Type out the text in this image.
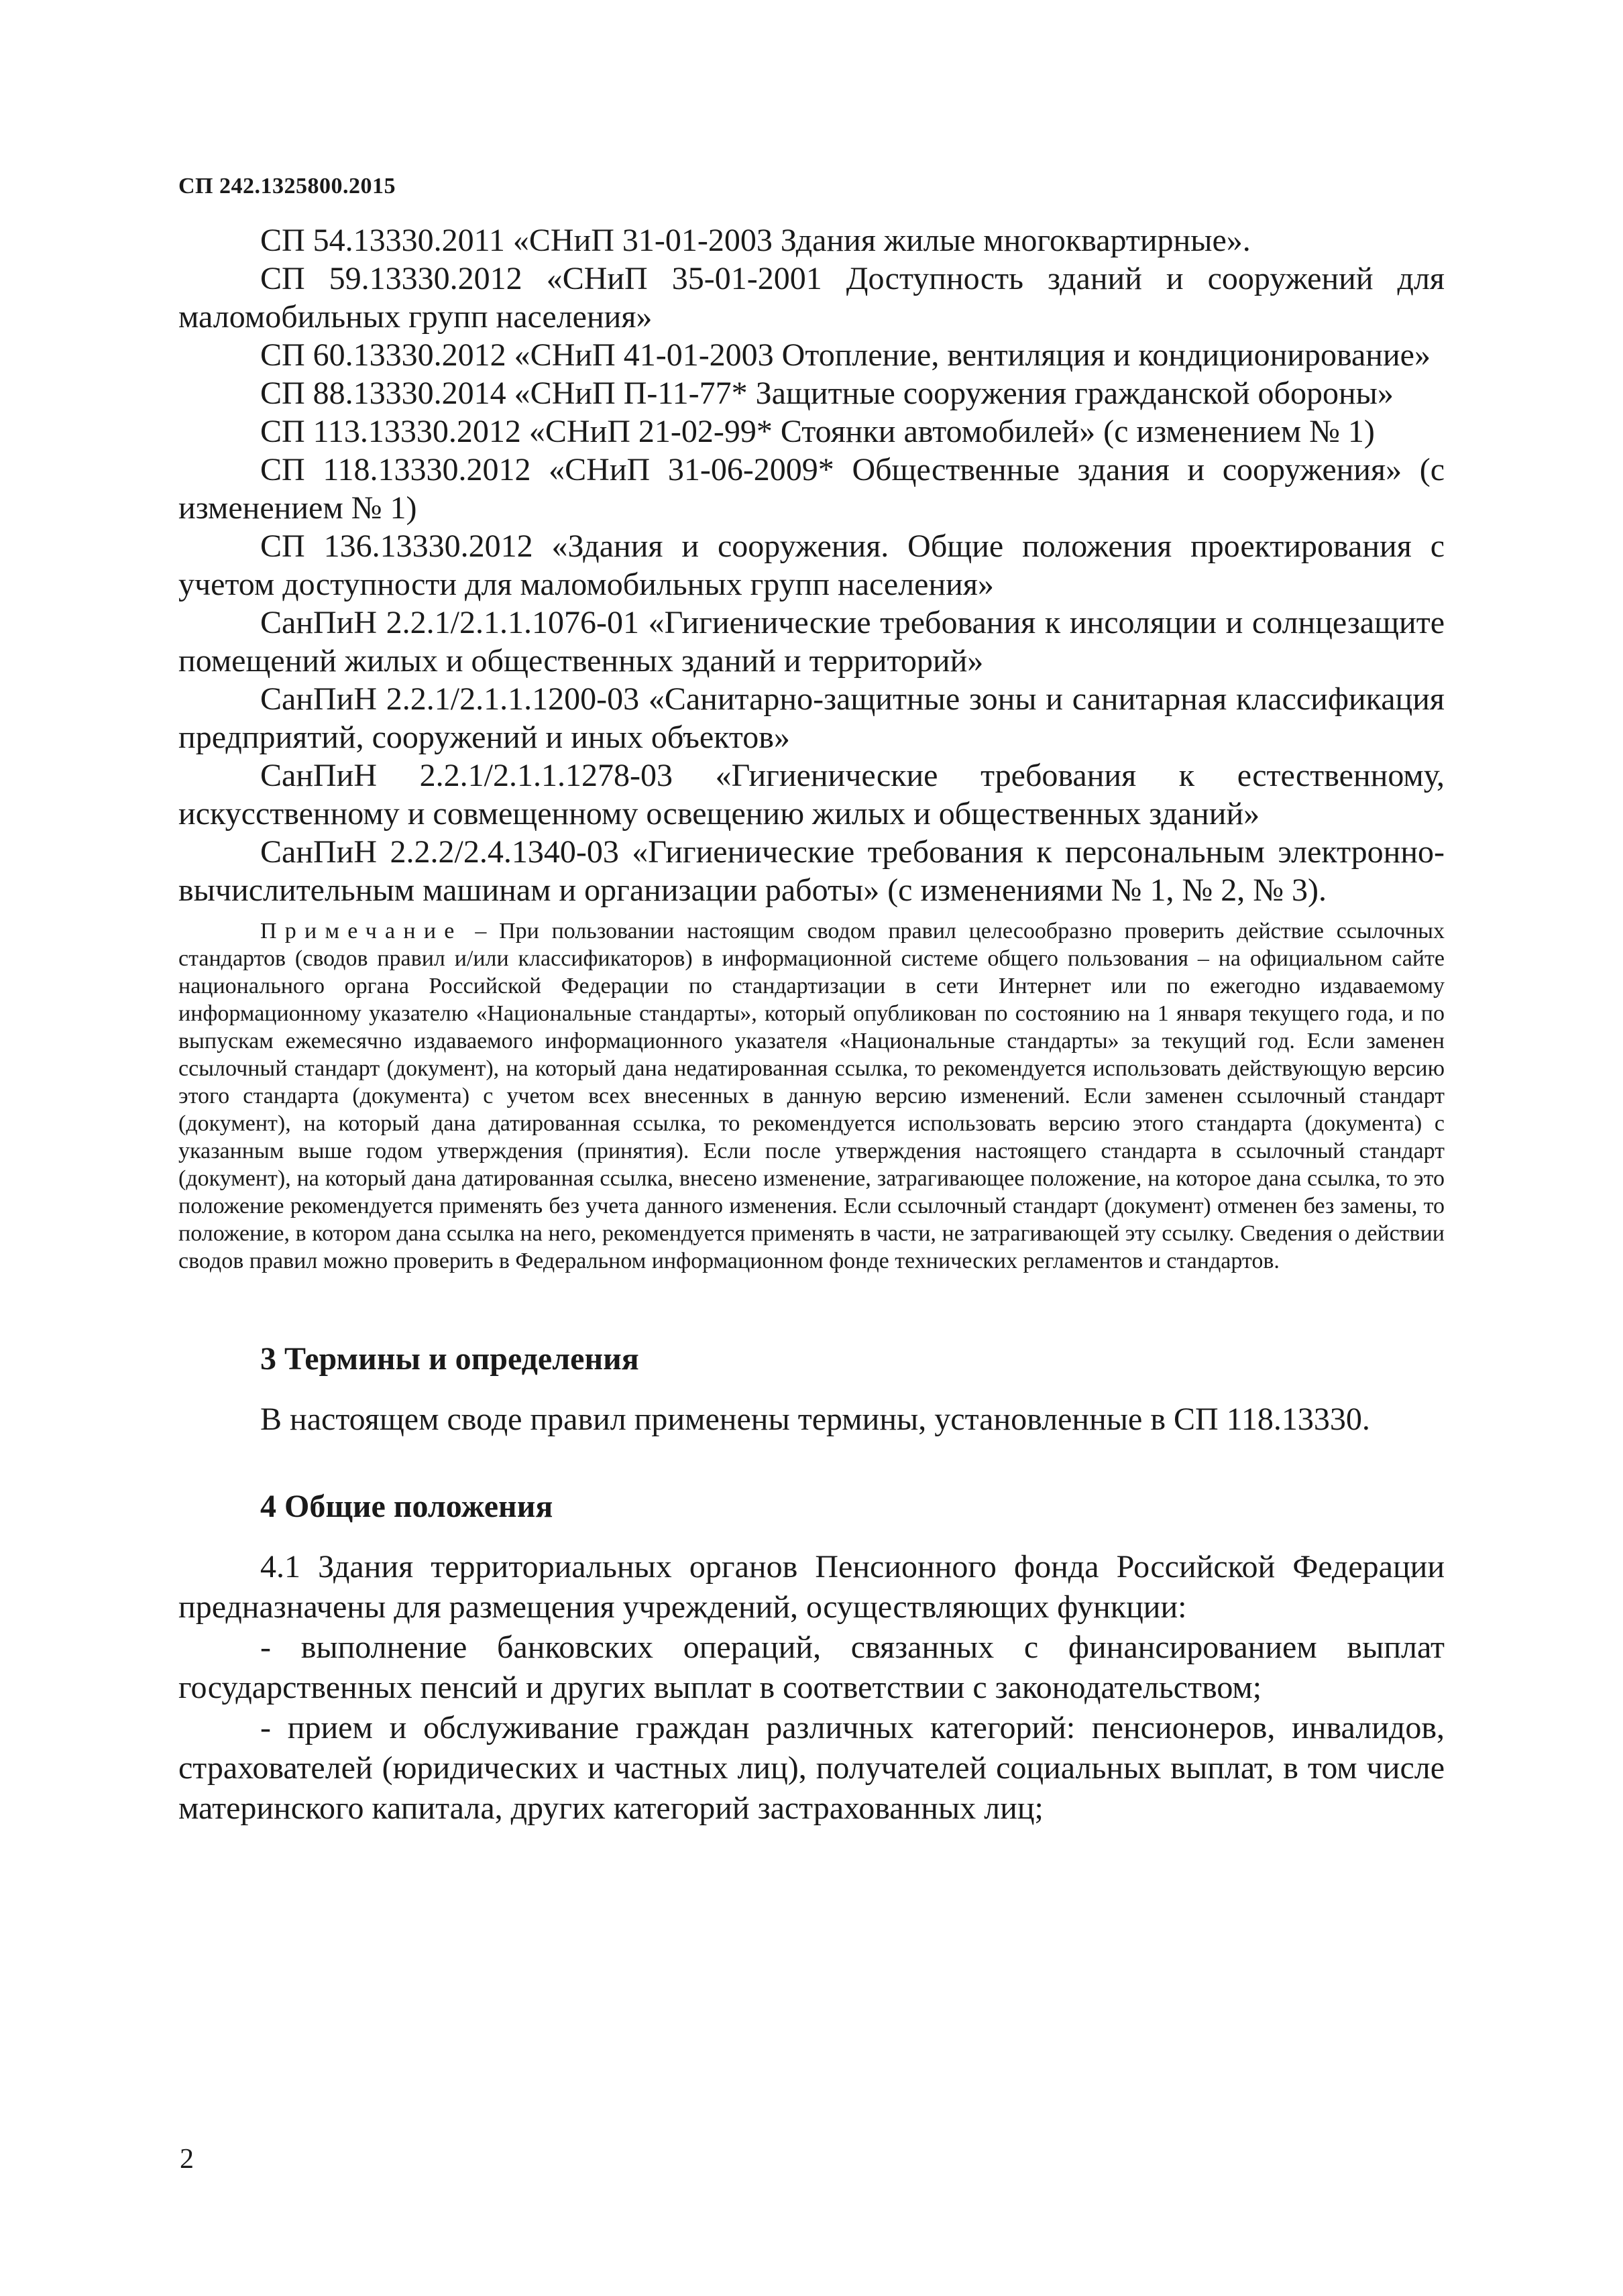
СП 242.1325800.2015

СП 54.13330.2011 «СНиП 31-01-2003 Здания жилые многоквартирные».

СП 59.13330.2012 «СНиП 35-01-2001 Доступность зданий и сооружений для маломобильных групп населения»

СП 60.13330.2012 «СНиП 41-01-2003 Отопление, вентиляция и кондиционирование»

СП 88.13330.2014 «СНиП П-11-77* Защитные сооружения гражданской обороны»

СП 113.13330.2012 «СНиП 21-02-99* Стоянки автомобилей» (с изменением № 1)

СП 118.13330.2012 «СНиП 31-06-2009* Общественные здания и сооружения» (с изменением № 1)

СП 136.13330.2012 «Здания и сооружения. Общие положения проектирования с учетом доступности для маломобильных групп населения»

СанПиН 2.2.1/2.1.1.1076-01 «Гигиенические требования к инсоляции и солнцезащите помещений жилых и общественных зданий и территорий»

СанПиН 2.2.1/2.1.1.1200-03 «Санитарно-защитные зоны и санитарная классификация предприятий, сооружений и иных объектов»

СанПиН 2.2.1/2.1.1.1278-03 «Гигиенические требования к естественному, искусственному и совмещенному освещению жилых и общественных зданий»

СанПиН 2.2.2/2.4.1340-03 «Гигиенические требования к персональным электронно-вычислительным машинам и организации работы» (с изменениями № 1, № 2, № 3).

Примечание – При пользовании настоящим сводом правил целесообразно проверить действие ссылочных стандартов (сводов правил и/или классификаторов) в информационной системе общего пользования – на официальном сайте национального органа Российской Федерации по стандартизации в сети Интернет или по ежегодно издаваемому информационному указателю «Национальные стандарты», который опубликован по состоянию на 1 января текущего года, и по выпускам ежемесячно издаваемого информационного указателя «Национальные стандарты» за текущий год. Если заменен ссылочный стандарт (документ), на который дана недатированная ссылка, то рекомендуется использовать действующую версию этого стандарта (документа) с учетом всех внесенных в данную версию изменений. Если заменен ссылочный стандарт (документ), на который дана датированная ссылка, то рекомендуется использовать версию этого стандарта (документа) с указанным выше годом утверждения (принятия). Если после утверждения настоящего стандарта в ссылочный стандарт (документ), на который дана датированная ссылка, внесено изменение, затрагивающее положение, на которое дана ссылка, то это положение рекомендуется применять без учета данного изменения. Если ссылочный стандарт (документ) отменен без замены, то положение, в котором дана ссылка на него, рекомендуется применять в части, не затрагивающей эту ссылку. Сведения о действии сводов правил можно проверить в Федеральном информационном фонде технических регламентов и стандартов.

3 Термины и определения

В настоящем своде правил применены термины, установленные в СП 118.13330.

4 Общие положения

4.1 Здания территориальных органов Пенсионного фонда Российской Федерации предназначены для размещения учреждений, осуществляющих функции:

- выполнение банковских операций, связанных с финансированием выплат государственных пенсий и других выплат в соответствии с законодательством;

- прием и обслуживание граждан различных категорий: пенсионеров, инвалидов, страхователей (юридических и частных лиц), получателей социальных выплат, в том числе материнского капитала, других категорий застрахованных лиц;

2
